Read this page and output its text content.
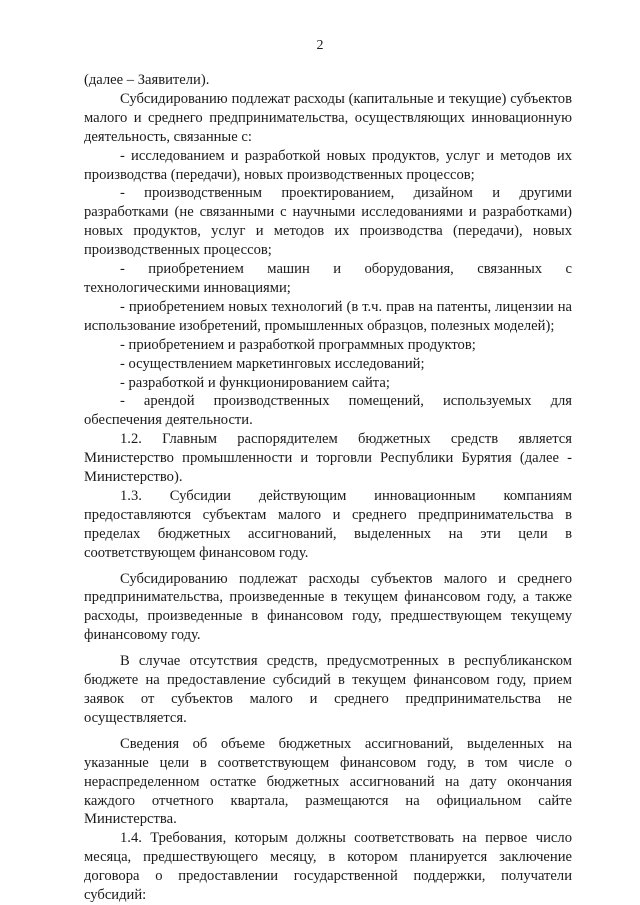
2

(далее – Заявители).

Субсидированию подлежат расходы (капитальные и текущие) субъектов малого и среднего предпринимательства, осуществляющих инновационную деятельность, связанные с:

- исследованием и разработкой новых продуктов, услуг и методов их производства (передачи), новых производственных процессов;

- производственным проектированием, дизайном и другими разработками (не связанными с научными исследованиями и разработками) новых продуктов, услуг и методов их производства (передачи), новых производственных процессов;

- приобретением машин и оборудования, связанных с технологическими инновациями;

- приобретением новых технологий (в т.ч. прав на патенты, лицензии на использование изобретений, промышленных образцов, полезных моделей);

- приобретением и разработкой программных продуктов;

- осуществлением маркетинговых исследований;

- разработкой и функционированием сайта;

- арендой производственных помещений, используемых для обеспечения деятельности.

1.2. Главным распорядителем бюджетных средств является Министерство промышленности и торговли Республики Бурятия (далее - Министерство).

1.3. Субсидии действующим инновационным компаниям предоставляются субъектам малого и среднего предпринимательства в пределах бюджетных ассигнований, выделенных на эти цели в соответствующем финансовом году.

Субсидированию подлежат расходы субъектов малого и среднего предпринимательства, произведенные в текущем финансовом году, а также расходы, произведенные в финансовом году, предшествующем текущему финансовому году.

В случае отсутствия средств, предусмотренных в республиканском бюджете на предоставление субсидий в текущем финансовом году, прием заявок от субъектов малого и среднего предпринимательства не осуществляется.

Сведения об объеме бюджетных ассигнований, выделенных на указанные цели в соответствующем финансовом году, в том числе о нераспределенном остатке бюджетных ассигнований на дату окончания каждого отчетного квартала, размещаются на официальном сайте Министерства.

1.4. Требования, которым должны соответствовать на первое число месяца, предшествующего месяцу, в котором планируется заключение договора о предоставлении государственной поддержки, получатели субсидий:
